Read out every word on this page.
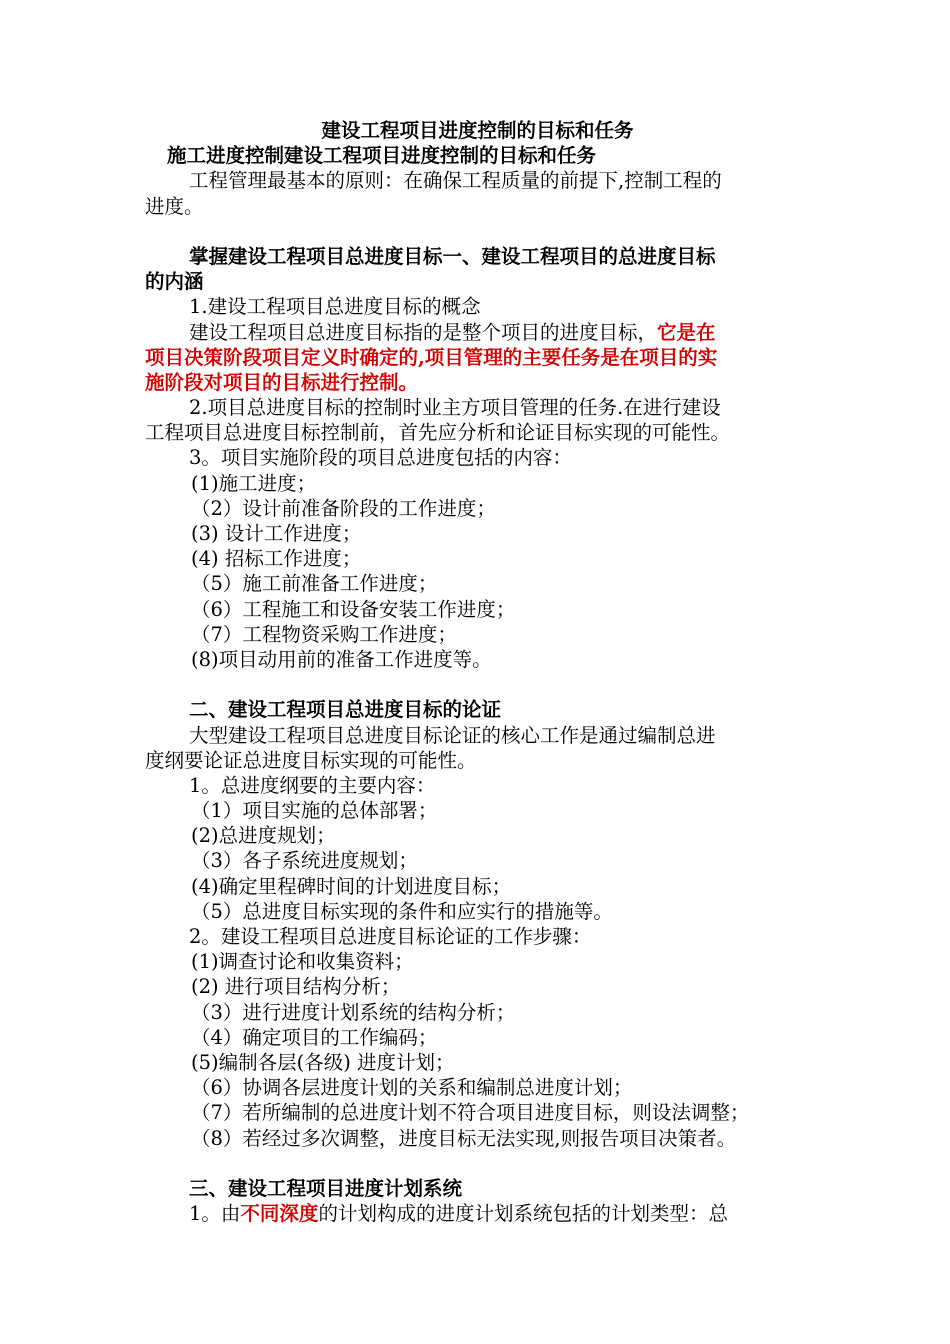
建设工程项目进度控制的目标和任务
施工进度控制建设工程项目进度控制的目标和任务
工程管理最基本的原则：在确保工程质量的前提下,控制工程的
进度。
掌握建设工程项目总进度目标一、建设工程项目的总进度目标
的内涵
1.建设工程项目总进度目标的概念
建设工程项目总进度目标指的是整个项目的进度目标，它是在
项目决策阶段项目定义时确定的,项目管理的主要任务是在项目的实
施阶段对项目的目标进行控制。
2.项目总进度目标的控制时业主方项目管理的任务.在进行建设
工程项目总进度目标控制前，首先应分析和论证目标实现的可能性。
3。项目实施阶段的项目总进度包括的内容：
(1)施工进度；
（2）设计前准备阶段的工作进度；
(3) 设计工作进度；
(4) 招标工作进度；
（5）施工前准备工作进度；
（6）工程施工和设备安装工作进度；
（7）工程物资采购工作进度；
(8)项目动用前的准备工作进度等。
二、建设工程项目总进度目标的论证
大型建设工程项目总进度目标论证的核心工作是通过编制总进
度纲要论证总进度目标实现的可能性。
1。总进度纲要的主要内容：
（1）项目实施的总体部署；
(2)总进度规划；
（3）各子系统进度规划；
(4)确定里程碑时间的计划进度目标；
（5）总进度目标实现的条件和应实行的措施等。
2。建设工程项目总进度目标论证的工作步骤：
(1)调查讨论和收集资料；
(2) 进行项目结构分析；
（3）进行进度计划系统的结构分析；
（4）确定项目的工作编码；
(5)编制各层(各级) 进度计划；
（6）协调各层进度计划的关系和编制总进度计划；
（7）若所编制的总进度计划不符合项目进度目标，则设法调整；
（8）若经过多次调整，进度目标无法实现,则报告项目决策者。
三、建设工程项目进度计划系统
1。由不同深度的计划构成的进度计划系统包括的计划类型：总
